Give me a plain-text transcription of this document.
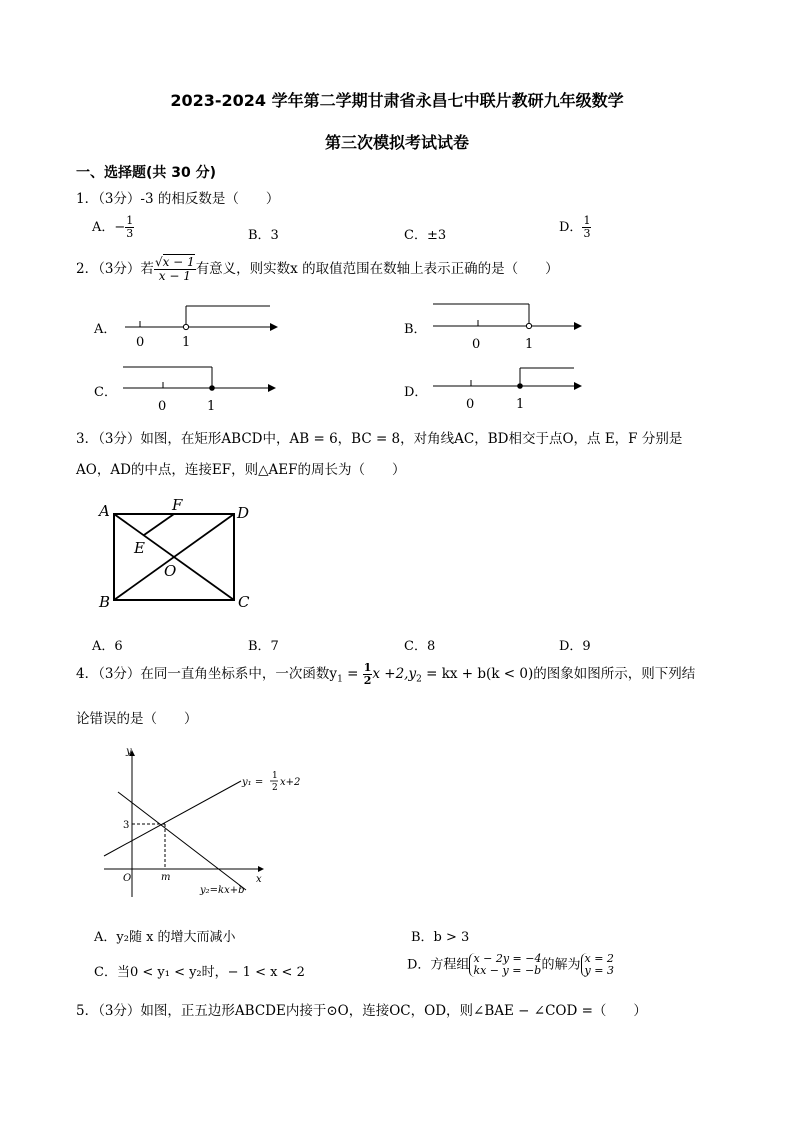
2023-2024 学年第二学期甘肃省永昌七中联片教研九年级数学
第三次模拟考试试卷
一、选择题(共 30 分)
1．（3分）-3 的相反数是（　　）
A．− $\frac{1}{3}$	B．3	C．±3
D． $\frac{1}{3}$
2．（3分）若 $\frac{√x - 1}{x - 1}$ 有意义，则实数x 的取值范围在数轴上表示正确的是（　　）
A．
0	1
B．
0	1
C．
0	1
D．
0	1
3．（3分）如图，在矩形ABCD中，AB = 6，BC = 8，对角线AC，BD相交于点O，点 E，F 分别是
AO，AD的中点，连接EF，则△AEF的周长为（　　）
A
B	C
D
E
F
O
A．6	B．7	C．8	D．9
4．（3分）在同一直角坐标系中，一次函数$y_1 = \frac{1}{2}$ $x +2,y_2$ = kx + b(k < 0)的图象如图所示，则下列结
论错误的是（　　）
y
x
O	m
3
y₁ =
1
2 x+2
y₂=kx+b
A．y₂随 x 的增大而减小	B．b > 3
C．当0 < y₁ < y₂时，− 1 < x < 2	D．方程组 x − 2y = −4
kx − y = −b 的解为 x = 2
y = 3
5．（3分）如图，正五边形ABCDE内接于⊙O，连接OC，OD，则∠BAE − ∠COD =（　　）
